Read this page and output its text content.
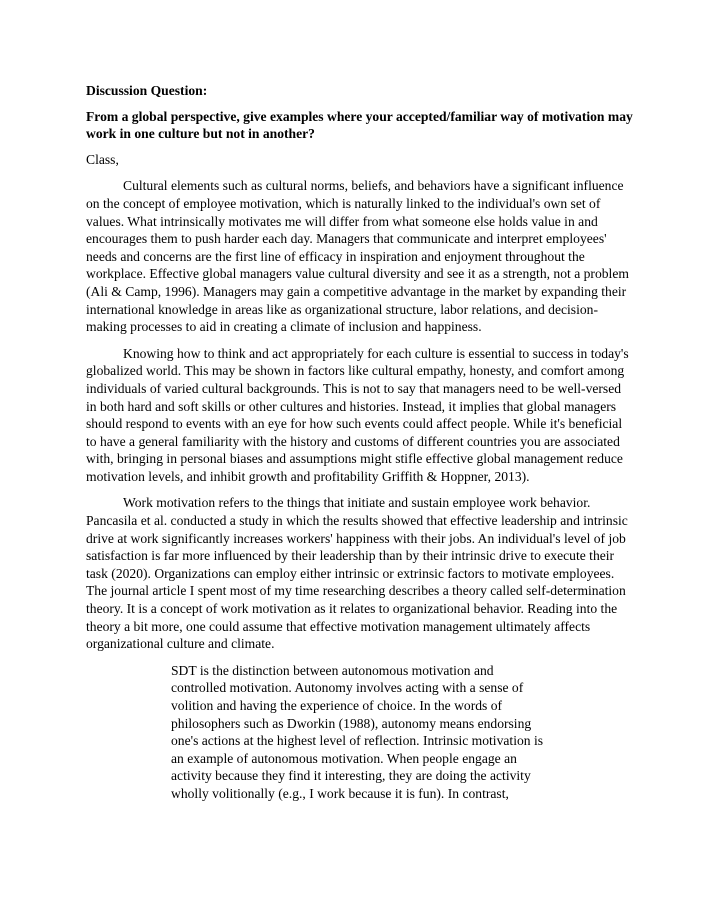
Discussion Question:

From a global perspective, give examples where your accepted/familiar way of motivation may work in one culture but not in another?

Class,

Cultural elements such as cultural norms, beliefs, and behaviors have a significant influence on the concept of employee motivation, which is naturally linked to the individual's own set of values. What intrinsically motivates me will differ from what someone else holds value in and encourages them to push harder each day. Managers that communicate and interpret employees' needs and concerns are the first line of efficacy in inspiration and enjoyment throughout the workplace. Effective global managers value cultural diversity and see it as a strength, not a problem (Ali & Camp, 1996). Managers may gain a competitive advantage in the market by expanding their international knowledge in areas like as organizational structure, labor relations, and decision-making processes to aid in creating a climate of inclusion and happiness.

Knowing how to think and act appropriately for each culture is essential to success in today's globalized world. This may be shown in factors like cultural empathy, honesty, and comfort among individuals of varied cultural backgrounds. This is not to say that managers need to be well-versed in both hard and soft skills or other cultures and histories. Instead, it implies that global managers should respond to events with an eye for how such events could affect people. While it's beneficial to have a general familiarity with the history and customs of different countries you are associated with, bringing in personal biases and assumptions might stifle effective global management reduce motivation levels, and inhibit growth and profitability Griffith & Hoppner, 2013).

Work motivation refers to the things that initiate and sustain employee work behavior. Pancasila et al. conducted a study in which the results showed that effective leadership and intrinsic drive at work significantly increases workers' happiness with their jobs. An individual's level of job satisfaction is far more influenced by their leadership than by their intrinsic drive to execute their task (2020). Organizations can employ either intrinsic or extrinsic factors to motivate employees. The journal article I spent most of my time researching describes a theory called self-determination theory. It is a concept of work motivation as it relates to organizational behavior. Reading into the theory a bit more, one could assume that effective motivation management ultimately affects organizational culture and climate.

SDT is the distinction between autonomous motivation and controlled motivation. Autonomy involves acting with a sense of volition and having the experience of choice. In the words of philosophers such as Dworkin (1988), autonomy means endorsing one's actions at the highest level of reflection. Intrinsic motivation is an example of autonomous motivation. When people engage an activity because they find it interesting, they are doing the activity wholly volitionally (e.g., I work because it is fun). In contrast,
